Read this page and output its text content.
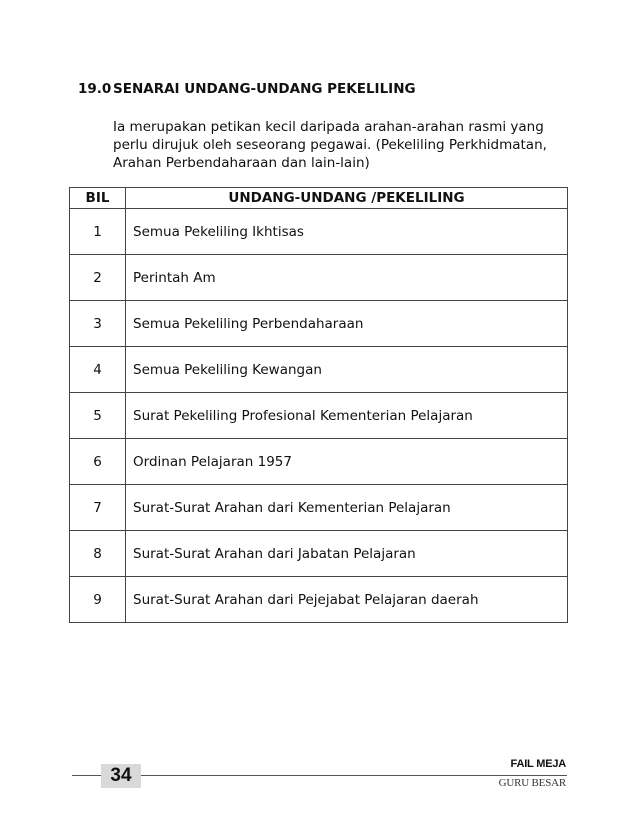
19.0 SENARAI UNDANG-UNDANG PEKELILING
Ia merupakan petikan kecil daripada arahan-arahan rasmi yang perlu dirujuk oleh seseorang pegawai. (Pekeliling Perkhidmatan, Arahan Perbendaharaan dan lain-lain)
BIL	UNDANG-UNDANG /PEKELILING
1	Semua Pekeliling Ikhtisas
2	Perintah Am
3	Semua Pekeliling Perbendaharaan
4	Semua Pekeliling Kewangan
5	Surat Pekeliling Profesional Kementerian Pelajaran
6	Ordinan Pelajaran 1957
7	Surat-Surat Arahan dari Kementerian Pelajaran
8	Surat-Surat Arahan dari Jabatan Pelajaran
9	Surat-Surat Arahan dari Pejejabat Pelajaran daerah
34
FAIL MEJA
GURU BESAR
